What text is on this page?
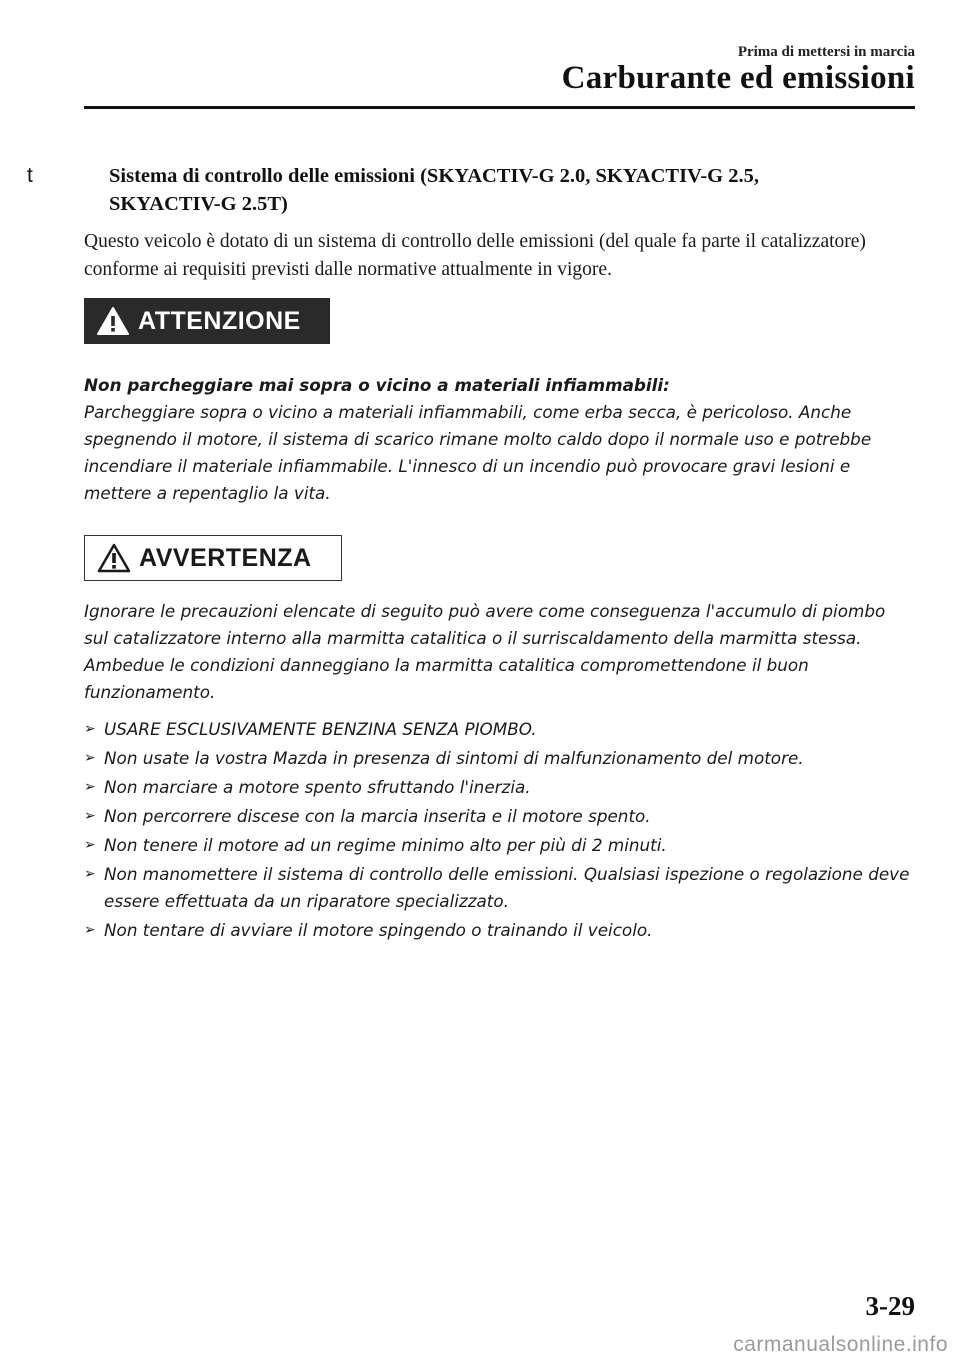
Prima di mettersi in marcia
Carburante ed emissioni
t	Sistema di controllo delle emissioni (SKYACTIV-G 2.0, SKYACTIV-G 2.5,
SKYACTIV-G 2.5T)
Questo veicolo è dotato di un sistema di controllo delle emissioni (del quale fa parte il catalizzatore) conforme ai requisiti previsti dalle normative attualmente in vigore.
ATTENZIONE
Non parcheggiare mai sopra o vicino a materiali infiammabili:
Parcheggiare sopra o vicino a materiali infiammabili, come erba secca, è pericoloso. Anche spegnendo il motore, il sistema di scarico rimane molto caldo dopo il normale uso e potrebbe incendiare il materiale infiammabile. L'innesco di un incendio può provocare gravi lesioni e mettere a repentaglio la vita.
AVVERTENZA
Ignorare le precauzioni elencate di seguito può avere come conseguenza l'accumulo di piombo sul catalizzatore interno alla marmitta catalitica o il surriscaldamento della marmitta stessa. Ambedue le condizioni danneggiano la marmitta catalitica compromettendone il buon funzionamento.
➢ USARE ESCLUSIVAMENTE BENZINA SENZA PIOMBO.
➢ Non usate la vostra Mazda in presenza di sintomi di malfunzionamento del motore.
➢ Non marciare a motore spento sfruttando l'inerzia.
➢ Non percorrere discese con la marcia inserita e il motore spento.
➢ Non tenere il motore ad un regime minimo alto per più di 2 minuti.
➢ Non manomettere il sistema di controllo delle emissioni. Qualsiasi ispezione o regolazione deve essere effettuata da un riparatore specializzato.
➢ Non tentare di avviare il motore spingendo o trainando il veicolo.
3-29
carmanualsonline.info
